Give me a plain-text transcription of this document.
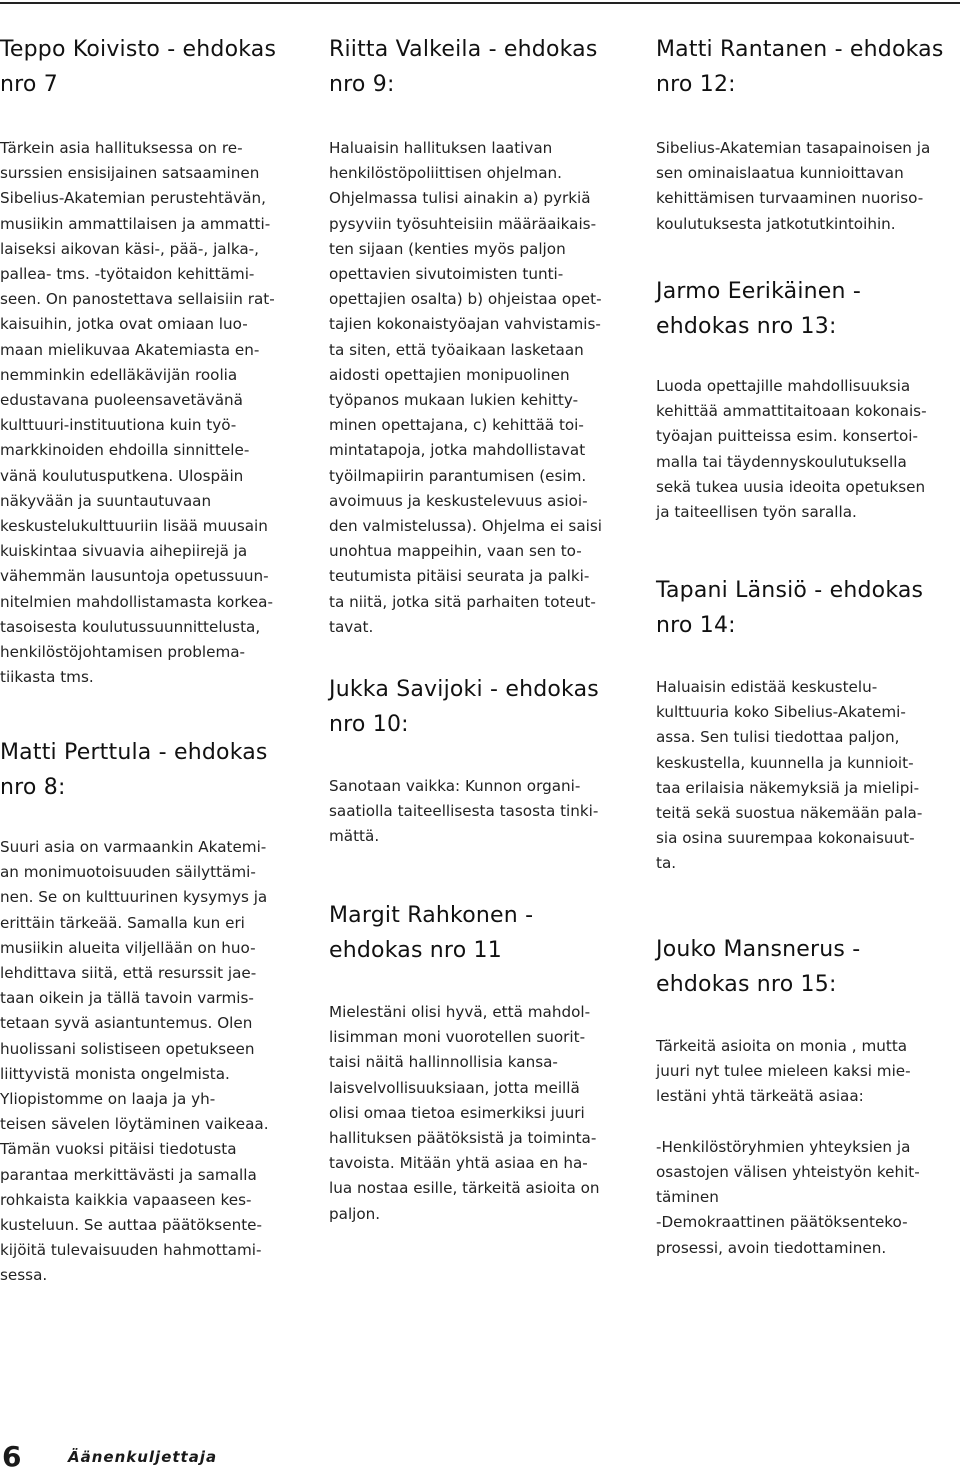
Teppo Koivisto - ehdokas
nro 7

Tärkein asia hallituksessa on re-
surssien ensisijainen satsaaminen
Sibelius-Akatemian perustehtävän,
musiikin ammattilaisen ja ammatti-
laiseksi aikovan käsi-, pää-, jalka-,
pallea- tms. -työtaidon kehittämi-
seen. On panostettava sellaisiin rat-
kaisuihin, jotka ovat omiaan luo-
maan mielikuvaa Akatemiasta en-
nemminkin edelläkävijän roolia
edustavana puoleensavetävänä
kulttuuri-instituutiona kuin työ-
markkinoiden ehdoilla sinnittele-
vänä koulutusputkena. Ulospäin
näkyvään ja suuntautuvaan
keskustelukulttuuriin lisää muusain
kuiskintaa sivuavia aihepiirejä ja
vähemmän lausuntoja opetussuun-
nitelmien mahdollistamasta korkea-
tasoisesta koulutussuunnittelusta,
henkilöstöjohtamisen problema-
tiikasta tms.

Matti Perttula - ehdokas
nro 8:

Suuri asia on varmaankin Akatemi-
an monimuotoisuuden säilyttämi-
nen. Se on kulttuurinen kysymys ja
erittäin tärkeää. Samalla kun eri
musiikin alueita viljellään on huo-
lehdittava siitä, että resurssit jae-
taan oikein ja tällä tavoin varmis-
tetaan syvä asiantuntemus. Olen
huolissani solistiseen opetukseen
liittyvistä monista ongelmista.
Yliopistomme on laaja ja yh-
teisen sävelen löytäminen vaikeaa.
Tämän vuoksi pitäisi tiedotusta
parantaa merkittävästi ja samalla
rohkaista kaikkia vapaaseen kes-
kusteluun. Se auttaa päätöksente-
kijöitä tulevaisuuden hahmottami-
sessa.

Riitta Valkeila - ehdokas
nro 9:

Haluaisin hallituksen laativan
henkilöstöpoliittisen ohjelman.
Ohjelmassa tulisi ainakin a) pyrkiä
pysyviin työsuhteisiin määräaikais-
ten sijaan (kenties myös paljon
opettavien sivutoimisten tunti-
opettajien osalta) b) ohjeistaa opet-
tajien kokonaistyöajan vahvistamis-
ta siten, että työaikaan lasketaan
aidosti opettajien monipuolinen
työpanos mukaan lukien kehitty-
minen opettajana, c) kehittää toi-
mintatapoja, jotka mahdollistavat
työilmapiirin parantumisen (esim.
avoimuus ja keskustelevuus asioi-
den valmistelussa). Ohjelma ei saisi
unohtua mappeihin, vaan sen to-
teutumista pitäisi seurata ja palki-
ta niitä, jotka sitä parhaiten toteut-
tavat.

Jukka Savijoki - ehdokas
nro 10:

Sanotaan vaikka: Kunnon organi-
saatiolla taiteellisesta tasosta tinki-
mättä.

Margit Rahkonen -
ehdokas nro 11

Mielestäni olisi hyvä, että mahdol-
lisimman moni vuorotellen suorit-
taisi näitä hallinnollisia kansa-
laisvelvollisuuksiaan, jotta meillä
olisi omaa tietoa esimerkiksi juuri
hallituksen päätöksistä ja toiminta-
tavoista. Mitään yhtä asiaa en ha-
lua nostaa esille, tärkeitä asioita on
paljon.

Matti Rantanen - ehdokas
nro 12:

Sibelius-Akatemian tasapainoisen ja
sen ominaislaatua kunnioittavan
kehittämisen turvaaminen nuoriso-
koulutuksesta jatkotutkintoihin.

Jarmo Eerikäinen -
ehdokas nro 13:

Luoda opettajille mahdollisuuksia
kehittää ammattitaitoaan kokonais-
työajan puitteissa esim. konsertoi-
malla tai täydennyskoulutuksella
sekä tukea uusia ideoita opetuksen
ja taiteellisen työn saralla.

Tapani Länsiö - ehdokas
nro 14:

Haluaisin edistää keskustelu-
kulttuuria koko Sibelius-Akatemi-
assa. Sen tulisi tiedottaa paljon,
keskustella, kuunnella ja kunnioit-
taa erilaisia näkemyksiä ja mielipi-
teitä sekä suostua näkemään pala-
sia osina suurempaa kokonaisuut-
ta.

Jouko Mansnerus -
ehdokas nro 15:

Tärkeitä asioita on monia , mutta
juuri nyt tulee mieleen kaksi mie-
lestäni yhtä tärkeätä asiaa:

-Henkilöstöryhmien yhteyksien ja
osastojen välisen yhteistyön kehit-
täminen
-Demokraattinen päätöksenteko-
prosessi, avoin tiedottaminen.

6	Äänenkuljettaja
